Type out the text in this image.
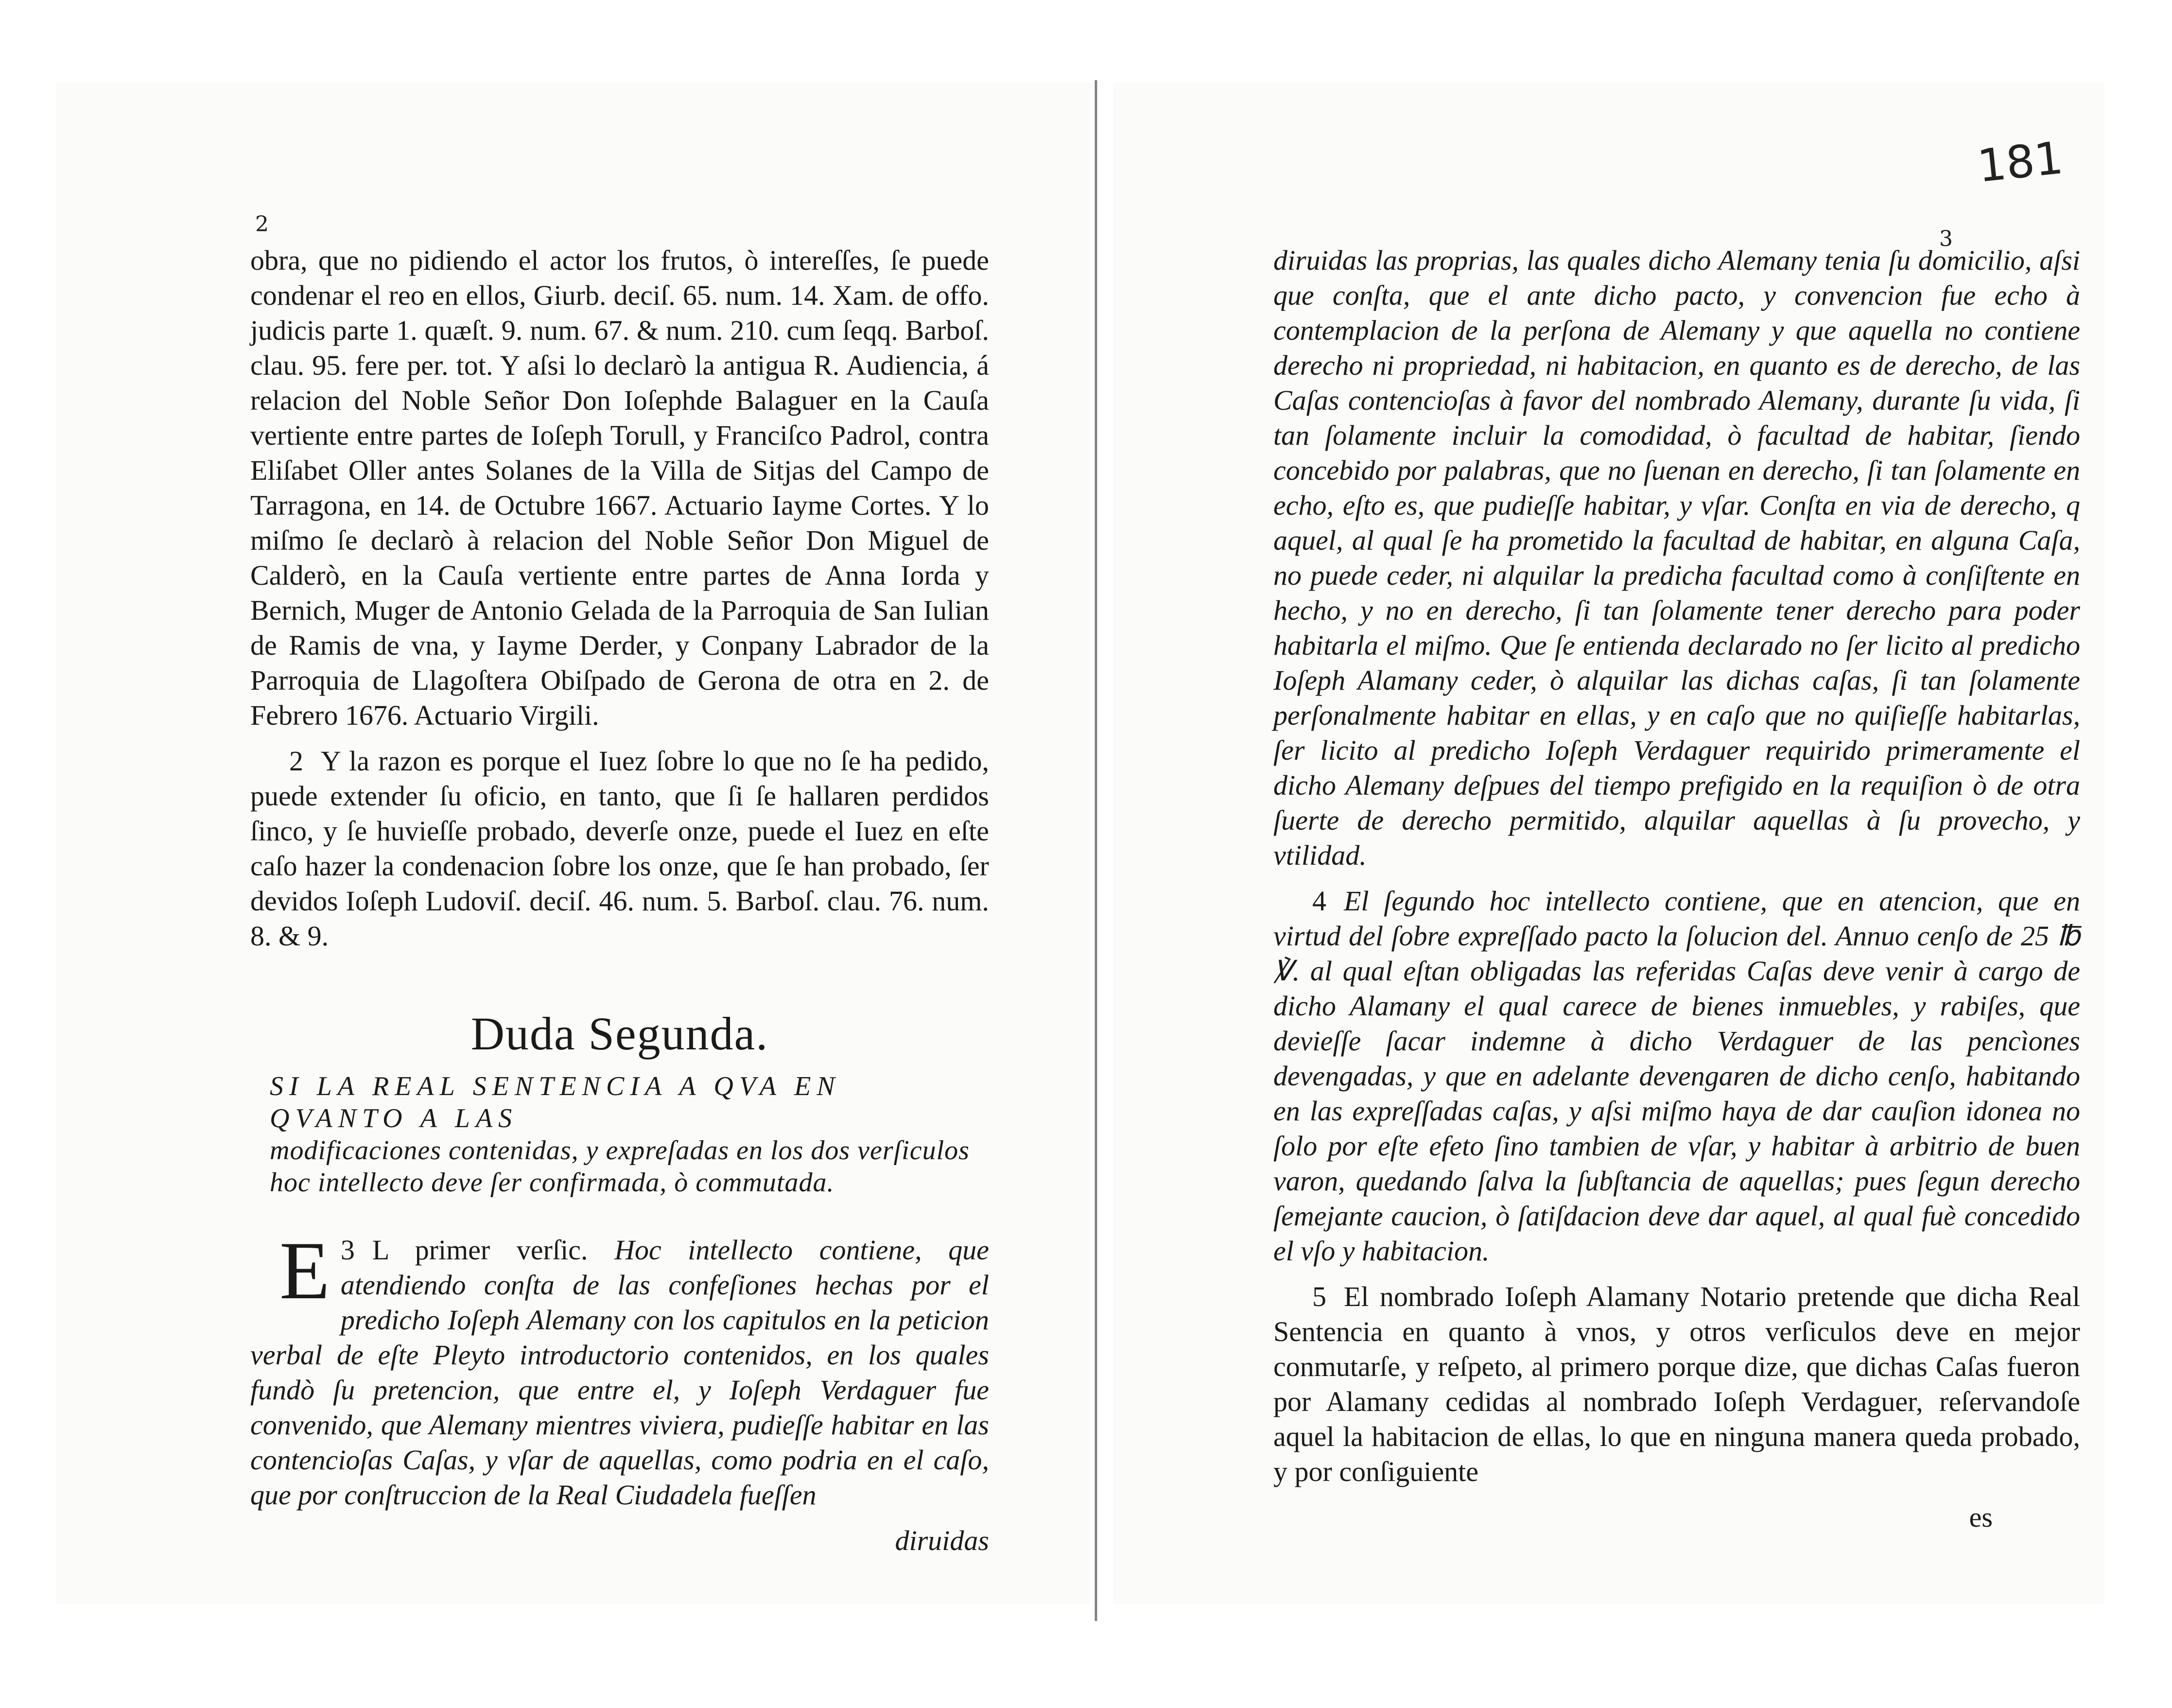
2

obra, que no pidiendo el actor los frutos, ò intereſſes, ſe puede condenar el reo en ellos, Giurb. deciſ. 65. num. 14. Xam. de offo. judicis parte 1. quæſt. 9. num. 67. & num. 210. cum ſeqq. Barboſ. clau. 95. fere per. tot. Y aſsi lo declarò la antigua R. Audiencia, á relacion del Noble Señor Don Ioſephde Balaguer en la Cauſa vertiente entre partes de Ioſeph Torull, y Franciſco Padrol, contra Eliſabet Oller antes Solanes de la Villa de Sitjas del Campo de Tarragona, en 14. de Octubre 1667. Actuario Iayme Cortes. Y lo miſmo ſe declarò à relacion del Noble Señor Don Miguel de Calderò, en la Cauſa vertiente entre partes de Anna Iorda y Bernich, Muger de Antonio Gelada de la Parroquia de San Iulian de Ramis de vna, y Iayme Derder, y Conpany Labrador de la Parroquia de Llagoſtera Obiſpado de Gerona de otra en 2. de Febrero 1676. Actuario Virgili.

2 Y la razon es porque el Iuez ſobre lo que no ſe ha pedido, puede extender ſu oficio, en tanto, que ſi ſe hallaren perdidos ſinco, y ſe huvieſſe probado, deverſe onze, puede el Iuez en eſte caſo hazer la condenacion ſobre los onze, que ſe han probado, ſer devidos Ioſeph Ludoviſ. deciſ. 46. num. 5. Barboſ. clau. 76. num. 8. & 9.

Duda Segunda.
SI LA REAL SENTENCIA A QVA EN QVANTO A LAS
modificaciones contenidas, y expreſadas en los dos verſiculos hoc intellecto deve ſer confirmada, ò commutada.

3
E L primer verſic. Hoc intellecto contiene, que atendiendo conſta de las confeſiones hechas por el predicho Ioſeph Alemany con los capitulos en la peticion verbal de eſte Pleyto introductorio contenidos, en los quales fundò ſu pretencion, que entre el, y Ioſeph Verdaguer fue convenido, que Alemany mientres viviera, pudieſſe habitar en las contencioſas Caſas, y vſar de aquellas, como podria en el caſo, que por conſtruccion de la Real Ciudadela fueſſen

diruidas

181
3

diruidas las proprias, las quales dicho Alemany tenia ſu domicilio, aſsi que conſta, que el ante dicho pacto, y convencion fue echo à contemplacion de la perſona de Alemany y que aquella no contiene derecho ni propriedad, ni habitacion, en quanto es de derecho, de las Caſas contencioſas à favor del nombrado Alemany, durante ſu vida, ſi tan ſolamente incluir la comodidad, ò facultad de habitar, ſiendo concebido por palabras, que no ſuenan en derecho, ſi tan ſolamente en echo, eſto es, que pudieſſe habitar, y vſar. Conſta en via de derecho, q aquel, al qual ſe ha prometido la facultad de habitar, en alguna Caſa, no puede ceder, ni alquilar la predicha facultad como à conſiſtente en hecho, y no en derecho, ſi tan ſolamente tener derecho para poder habitarla el miſmo. Que ſe entienda declarado no ſer licito al predicho Ioſeph Alamany ceder, ò alquilar las dichas caſas, ſi tan ſolamente perſonalmente habitar en ellas, y en caſo que no quiſieſſe habitarlas, ſer licito al predicho Ioſeph Verdaguer requirido primeramente el dicho Alemany deſpues del tiempo prefigido en la requiſion ò de otra ſuerte de derecho permitido, alquilar aquellas à ſu provecho, y vtilidad.

4 El ſegundo hoc intellecto contiene, que en atencion, que en virtud del ſobre expreſſado pacto la ſolucion del. Annuo cenſo de 25 ℔ ℣. al qual eſtan obligadas las referidas Caſas deve venir à cargo de dicho Alamany el qual carece de bienes inmuebles, y rabiſes, que devieſſe ſacar indemne à dicho Verdaguer de las pencìones devengadas, y que en adelante devengaren de dicho cenſo, habitando en las expreſſadas caſas, y aſsi miſmo haya de dar cauſion idonea no ſolo por eſte efeto ſino tambien de vſar, y habitar à arbitrio de buen varon, quedando ſalva la ſubſtancia de aquellas; pues ſegun derecho ſemejante caucion, ò ſatiſdacion deve dar aquel, al qual fuè concedido el vſo y habitacion.

5 El nombrado Ioſeph Alamany Notario pretende que dicha Real Sentencia en quanto à vnos, y otros verſiculos deve en mejor conmutarſe, y reſpeto, al primero porque dize, que dichas Caſas fueron por Alamany cedidas al nombrado Ioſeph Verdaguer, reſervandoſe aquel la habitacion de ellas, lo que en ninguna manera queda probado, y por conſiguiente

es
